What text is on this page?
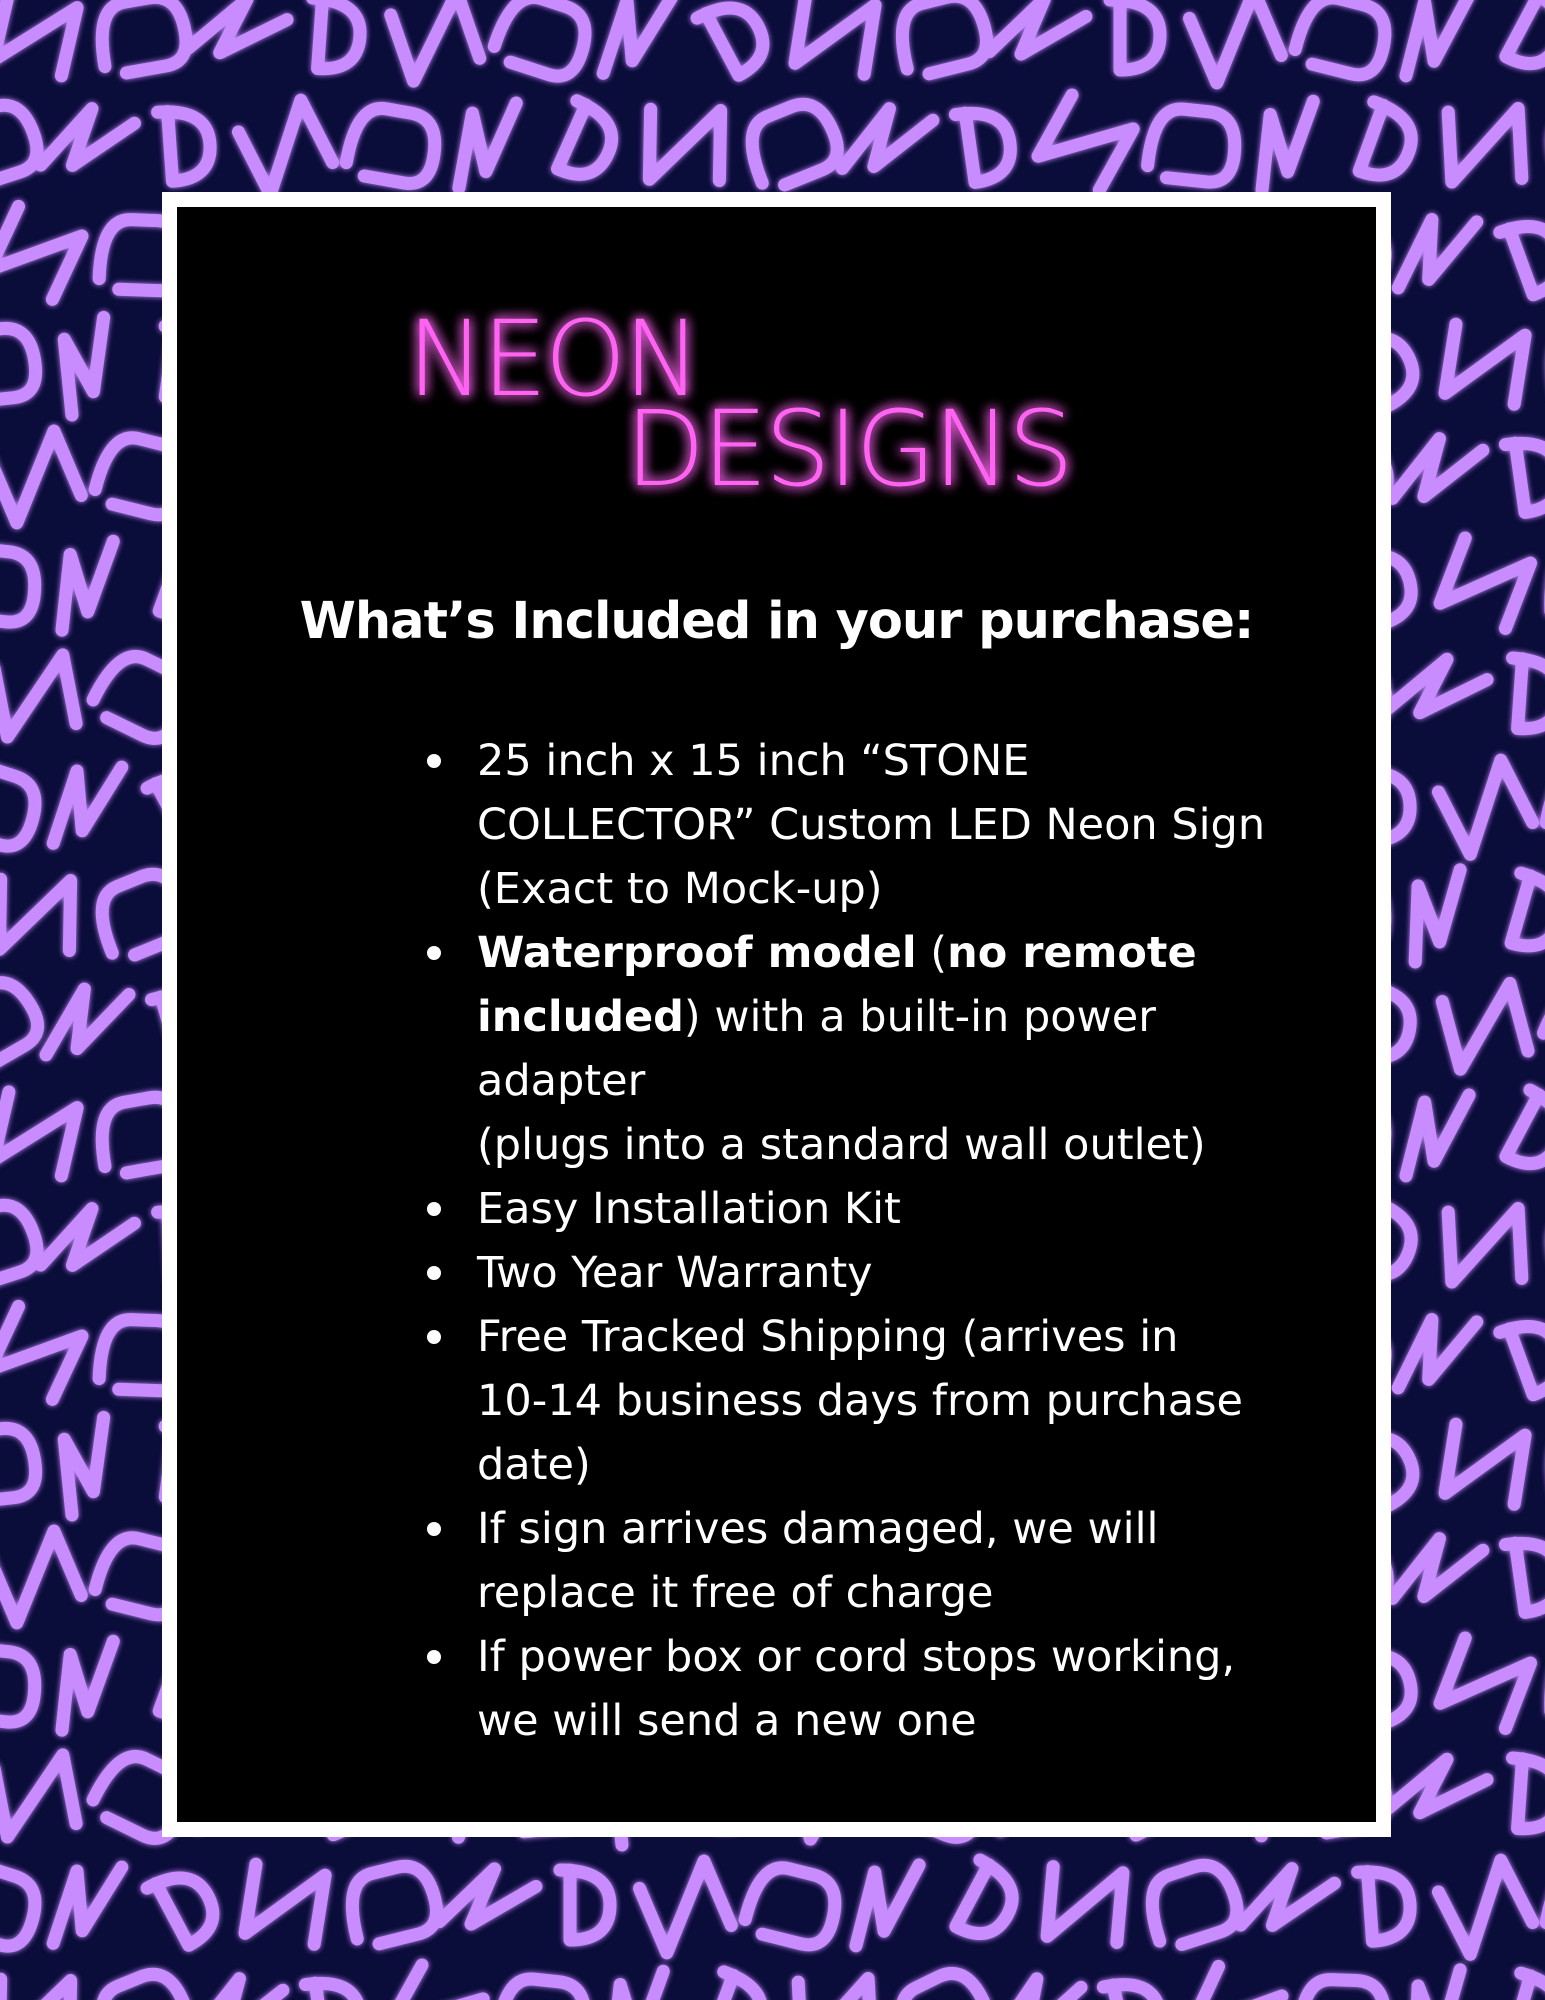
NEON
DESIGNS
What’s Included in your purchase:
25 inch x 15 inch “STONE
COLLECTOR” Custom LED Neon Sign
(Exact to Mock-up)
Waterproof model (no remote
included) with a built-in power
adapter
(plugs into a standard wall outlet)
Easy Installation Kit
Two Year Warranty
Free Tracked Shipping (arrives in
10-14 business days from purchase
date)
If sign arrives damaged, we will
replace it free of charge
If power box or cord stops working,
we will send a new one
